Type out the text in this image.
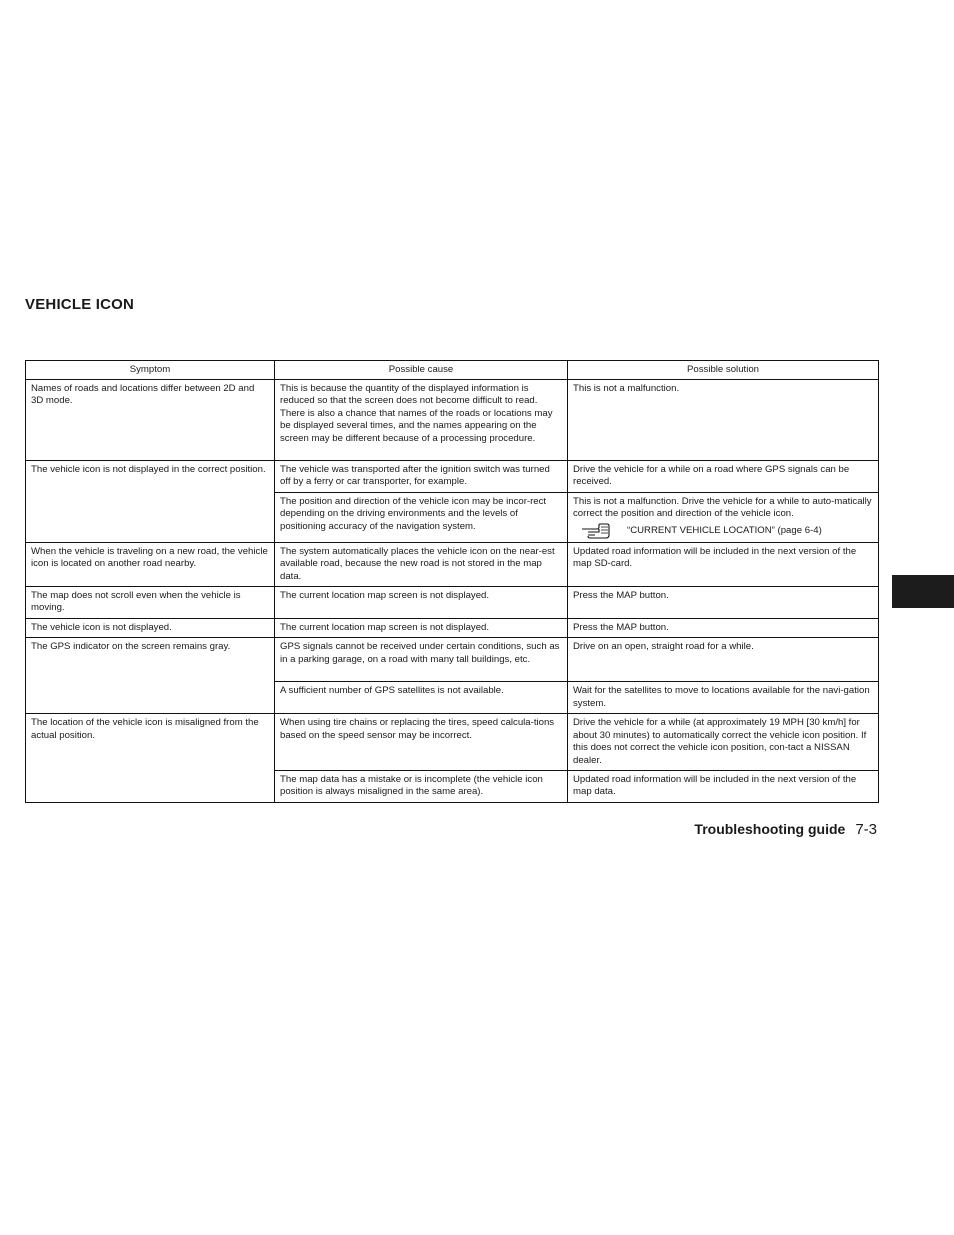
VEHICLE ICON
Symptom	Possible cause	Possible solution
Names of roads and locations differ between 2D and 3D mode.	This is because the quantity of the displayed information is reduced so that the screen does not become difficult to read. There is also a chance that names of the roads or locations may be displayed several times, and the names appearing on the screen may be different because of a processing procedure.	This is not a malfunction.
The vehicle icon is not displayed in the correct position.	The vehicle was transported after the ignition switch was turned off by a ferry or car transporter, for example.	Drive the vehicle for a while on a road where GPS signals can be received.
	The position and direction of the vehicle icon may be incor-rect depending on the driving environments and the levels of positioning accuracy of the navigation system.	This is not a malfunction. Drive the vehicle for a while to auto-matically correct the position and direction of the vehicle icon.
“CURRENT VEHICLE LOCATION” (page 6-4)

When the vehicle is traveling on a new road, the vehicle icon is located on another road nearby.	The system automatically places the vehicle icon on the near-est available road, because the new road is not stored in the map data.	Updated road information will be included in the next version of the map SD-card.
The map does not scroll even when the vehicle is moving.	The current location map screen is not displayed.	Press the MAP button.
The vehicle icon is not displayed.	The current location map screen is not displayed.	Press the MAP button.
The GPS indicator on the screen remains gray.	GPS signals cannot be received under certain conditions, such as in a parking garage, on a road with many tall buildings, etc.	Drive on an open, straight road for a while.
	A sufficient number of GPS satellites is not available.	Wait for the satellites to move to locations available for the navi-gation system.
The location of the vehicle icon is misaligned from the actual position.	When using tire chains or replacing the tires, speed calcula-tions based on the speed sensor may be incorrect.	Drive the vehicle for a while (at approximately 19 MPH [30 km/h] for about 30 minutes) to automatically correct the vehicle icon position. If this does not correct the vehicle icon position, con-tact a NISSAN dealer.
	The map data has a mistake or is incomplete (the vehicle icon position is always misaligned in the same area).	Updated road information will be included in the next version of the map data.
Troubleshooting guide 7-3
